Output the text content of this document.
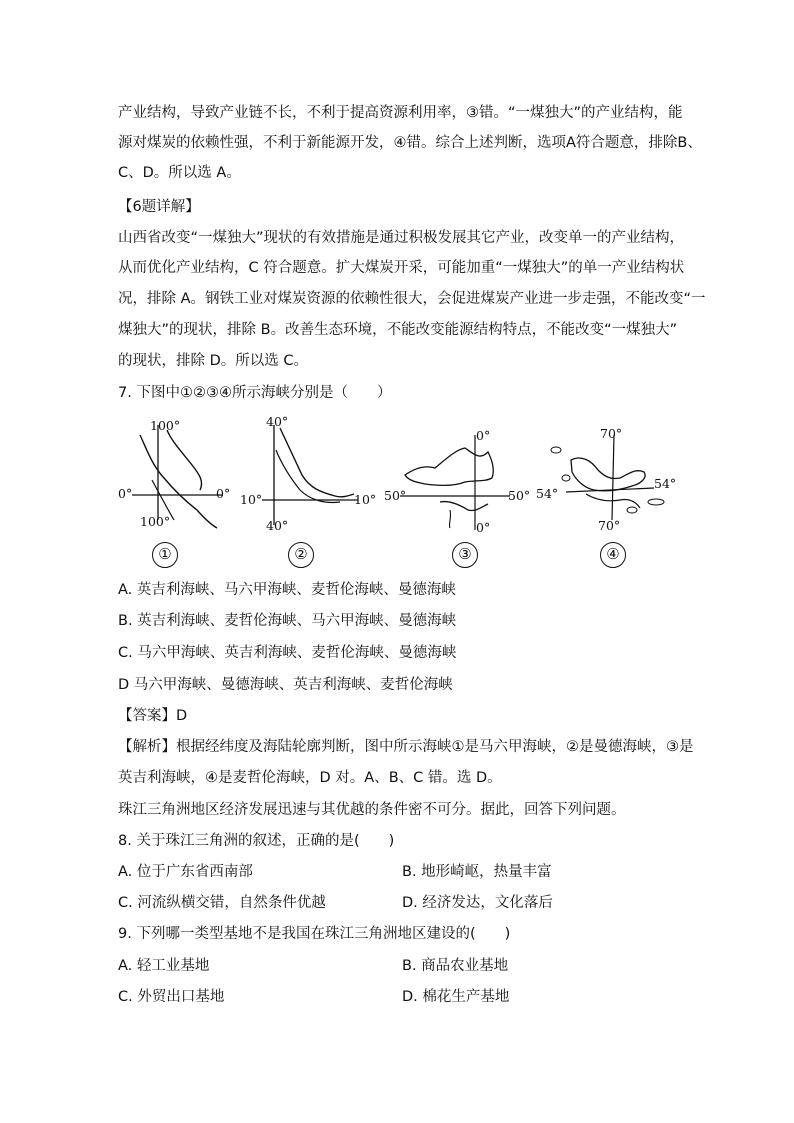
产业结构，导致产业链不长，不利于提高资源利用率，③错。“一煤独大”的产业结构，能
源对煤炭的依赖性强，不利于新能源开发，④错。综合上述判断，选项A符合题意，排除B、
C、D。所以选 A。
【6题详解】
山西省改变“一煤独大”现状的有效措施是通过积极发展其它产业，改变单一的产业结构，
从而优化产业结构，C 符合题意。扩大煤炭开采，可能加重“一煤独大”的单一产业结构状
况，排除 A。钢铁工业对煤炭资源的依赖性很大，会促进煤炭产业进一步走强，不能改变“一
煤独大”的现状，排除 B。改善生态环境，不能改变能源结构特点，不能改变“一煤独大”
的现状，排除 D。所以选 C。
7. 下图中①②③④所示海峡分别是（　　）
100°
0°	0°
100°
①
40°
10°	10°
40°
②
0°
50°	50°
0°
③
70°
54°
54°
70°
④
A. 英吉利海峡、马六甲海峡、麦哲伦海峡、曼德海峡
B. 英吉利海峡、麦哲伦海峡、马六甲海峡、曼德海峡
C. 马六甲海峡、英吉利海峡、麦哲伦海峡、曼德海峡
D 马六甲海峡、曼德海峡、英吉利海峡、麦哲伦海峡
【答案】D
【解析】根据经纬度及海陆轮廓判断，图中所示海峡①是马六甲海峡，②是曼德海峡，③是
英吉利海峡，④是麦哲伦海峡，D 对。A、B、C 错。选 D。
珠江三角洲地区经济发展迅速与其优越的条件密不可分。据此，回答下列问题。
8. 关于珠江三角洲的叙述，正确的是(　　)
A. 位于广东省西南部	B. 地形崎岖，热量丰富
C. 河流纵横交错，自然条件优越	D. 经济发达，文化落后
9. 下列哪一类型基地不是我国在珠江三角洲地区建设的(　　)
A. 轻工业基地	B. 商品农业基地
C. 外贸出口基地	D. 棉花生产基地
